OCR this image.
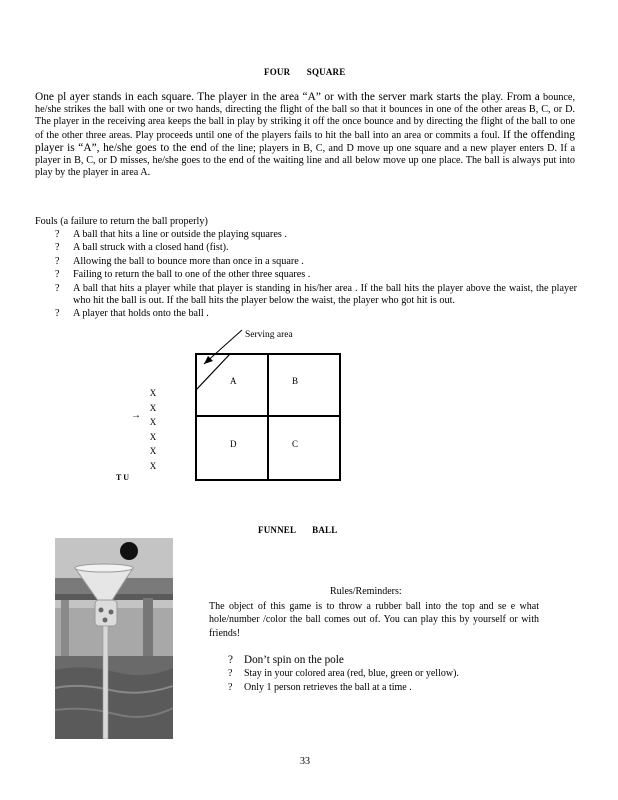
FOUR SQUARE
One pl ayer stands in each square. The player in the area “A” or with the server mark starts the play. From a bounce, he/she strikes the ball with one or two hands, directing the flight of the ball so that it bounces in one of the other areas B, C, or D. The player in the receiving area keeps the ball in play by striking it off the once bounce and by directing the flight of the ball to one of the other three areas. Play proceeds until one of the players fails to hit the ball into an area or commits a foul. If the offending player is “A”, he/she goes to the end of the line; players in B, C, and D move up one square and a new player enters D. If a player in B, C, or D misses, he/she goes to the end of the waiting line and all below move up one place. The ball is always put into play by the player in area A.
Fouls (a failure to return the ball properly)
? A ball that hits a line or outside the playing squares .
? A ball struck with a closed hand (fist).
? Allowing the ball to bounce more than once in a square .
? Failing to return the ball to one of the other three squares .
? A ball that hits a player while that player is standing in his/her area . If the ball hits the player above the waist, the player who hit the ball is out. If the ball hits the player below the waist, the player who got hit is out.
? A player that holds onto the ball .
Serving area
A	B
D	C
X
X
X
X
X
X
→
T U
FUNNEL BALL
Rules/Reminders:
The object of this game is to throw a rubber ball into the top and se e what hole/number /color the ball comes out of. You can play this by yourself or with friends!
? Don’t spin on the pole
? Stay in your colored area (red, blue, green or yellow).
? Only 1 person retrieves the ball at a time .
33
